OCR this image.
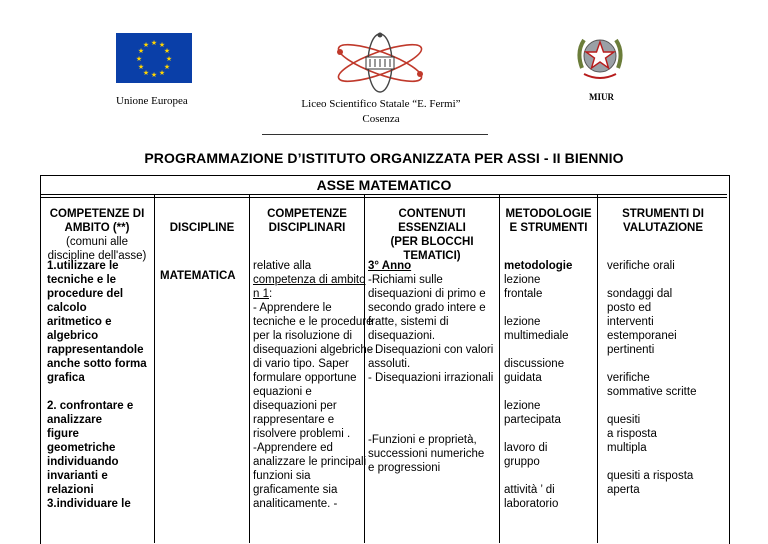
★ ★
★
★
★
★
★
★
★
★
★
★
Unione Europea	Liceo Scientifico Statale “E. Fermi”
Cosenza
MIUR
PROGRAMMAZIONE D’ISTITUTO ORGANIZZATA PER ASSI - II BIENNIO
ASSE MATEMATICO
COMPETENZE DI
AMBITO (**)
(comuni alle
discipline dell'asse)
DISCIPLINE
COMPETENZE
DISCIPLINARI
CONTENUTI
ESSENZIALI
(PER BLOCCHI
TEMATICI)
METODOLOGIE
E STRUMENTI
STRUMENTI DI
VALUTAZIONE
1.utilizzare le
tecniche e le
procedure del
calcolo
aritmetico e
algebrico
rappresentandole
anche sotto forma
grafica

2. confrontare e
analizzare
figure
geometriche
individuando
invarianti e
relazioni
3.individuare le
MATEMATICA
relative alla
competenza di ambito
n 1:
- Apprendere le
tecniche e le procedure
per la risoluzione di
disequazioni algebriche
di vario tipo. Saper
formulare opportune
equazioni e
disequazioni per
rappresentare e
risolvere problemi .
-Apprendere ed
analizzare le principali
funzioni sia
graficamente sia
analiticamente. -
3° Anno
-Richiami sulle
disequazioni di primo e
secondo grado intere e
fratte, sistemi di
disequazioni.
- Disequazioni con valori
assoluti.
- Disequazioni irrazionali
-Funzioni e proprietà,
successioni numeriche
e progressioni
metodologie
lezione
frontale

lezione
multimediale

discussione
guidata

lezione
partecipata

lavoro di
gruppo

attività ’ di
laboratorio
verifiche orali

sondaggi dal
posto ed
interventi
estemporanei
pertinenti

verifiche
sommative scritte

quesiti
a risposta
multipla

quesiti a risposta
aperta
